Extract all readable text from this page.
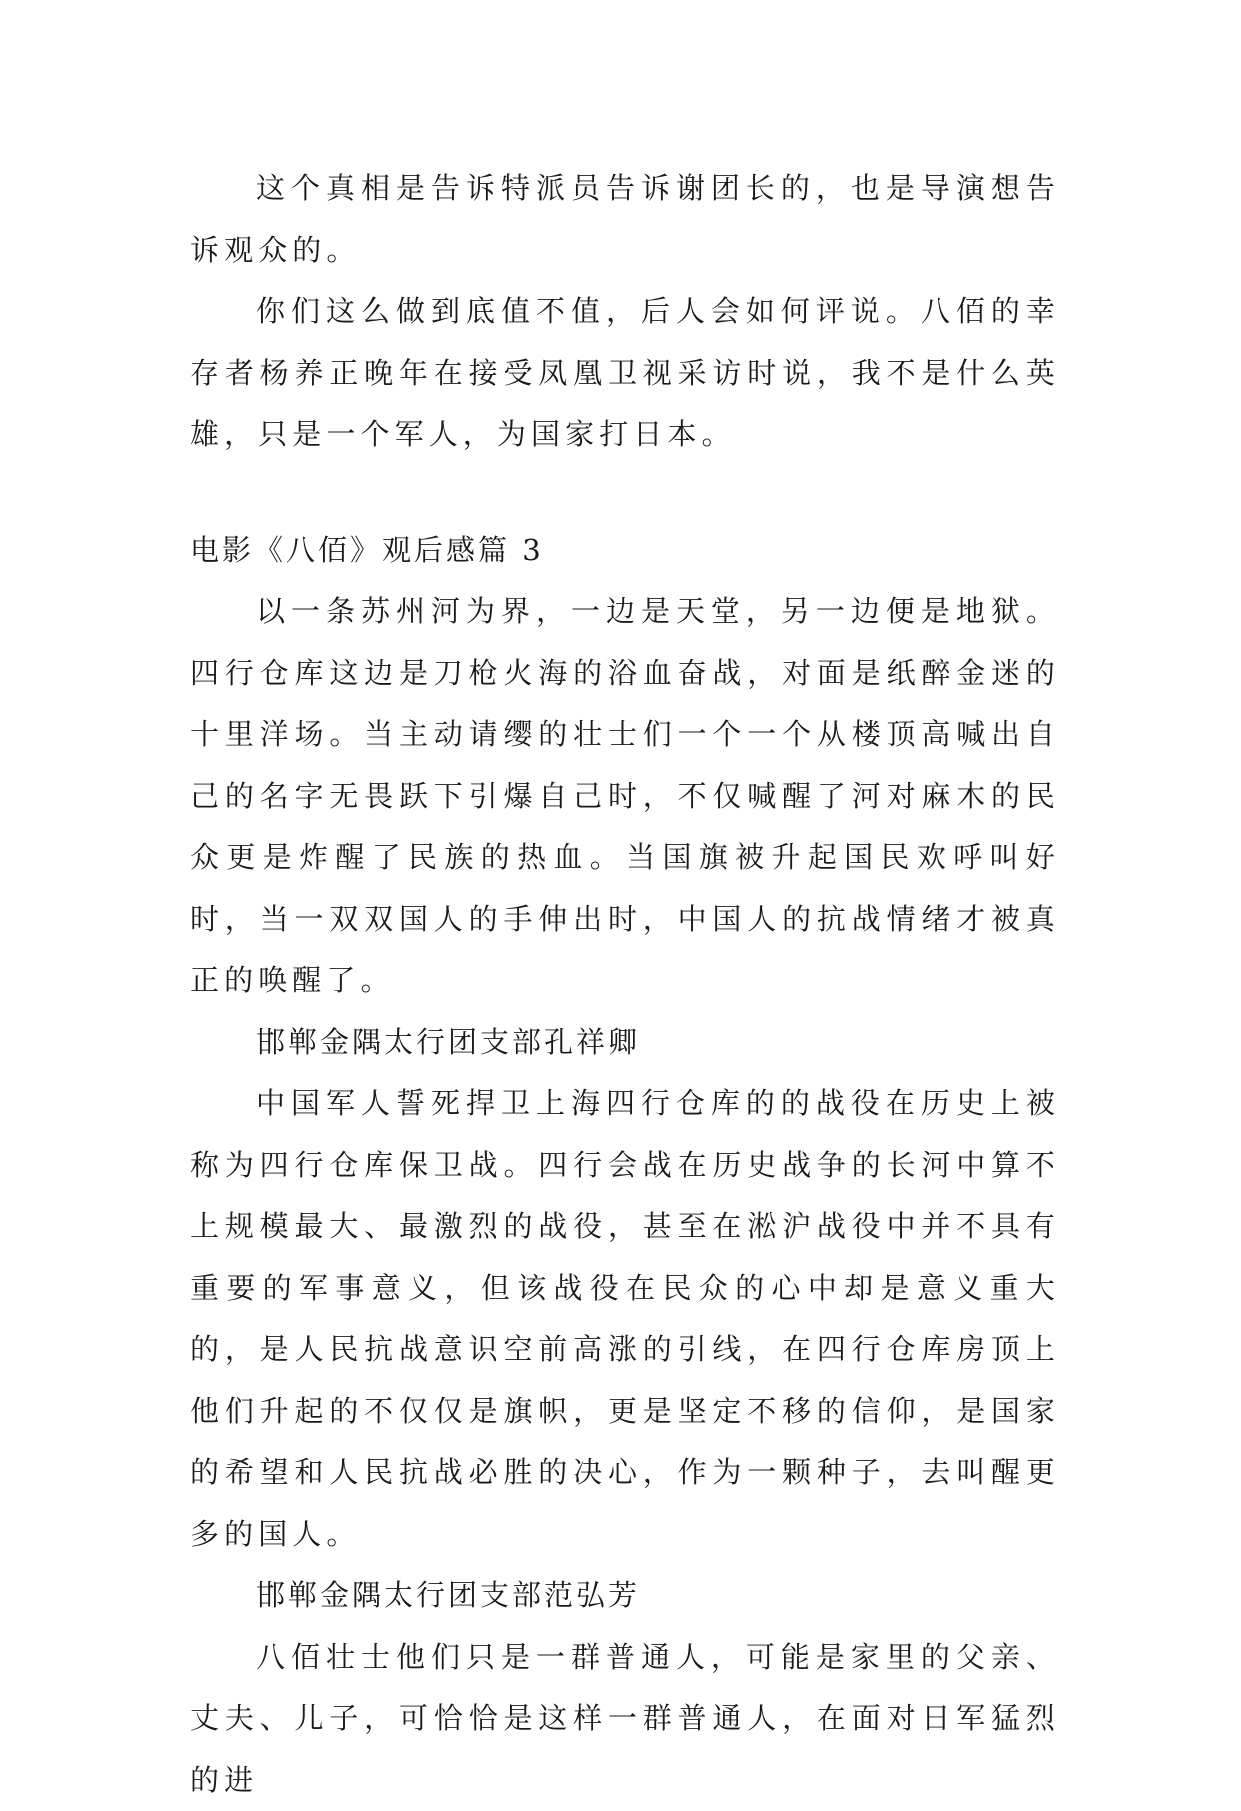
这个真相是告诉特派员告诉谢团长的，也是导演想告诉观众的。

你们这么做到底值不值，后人会如何评说。八佰的幸存者杨养正晚年在接受凤凰卫视采访时说，我不是什么英雄，只是一个军人，为国家打日本。

电影《八佰》观后感篇 3

以一条苏州河为界，一边是天堂，另一边便是地狱。四行仓库这边是刀枪火海的浴血奋战，对面是纸醉金迷的十里洋场。当主动请缨的壮士们一个一个从楼顶高喊出自己的名字无畏跃下引爆自己时，不仅喊醒了河对麻木的民众更是炸醒了民族的热血。当国旗被升起国民欢呼叫好时，当一双双国人的手伸出时，中国人的抗战情绪才被真正的唤醒了。

邯郸金隅太行团支部孔祥卿

中国军人誓死捍卫上海四行仓库的的战役在历史上被称为四行仓库保卫战。四行会战在历史战争的长河中算不上规模最大、最激烈的战役，甚至在淞沪战役中并不具有重要的军事意义，但该战役在民众的心中却是意义重大的，是人民抗战意识空前高涨的引线，在四行仓库房顶上他们升起的不仅仅是旗帜，更是坚定不移的信仰，是国家的希望和人民抗战必胜的决心，作为一颗种子，去叫醒更多的国人。

邯郸金隅太行团支部范弘芳

八佰壮士他们只是一群普通人，可能是家里的父亲、丈夫、儿子，可恰恰是这样一群普通人，在面对日军猛烈的进
